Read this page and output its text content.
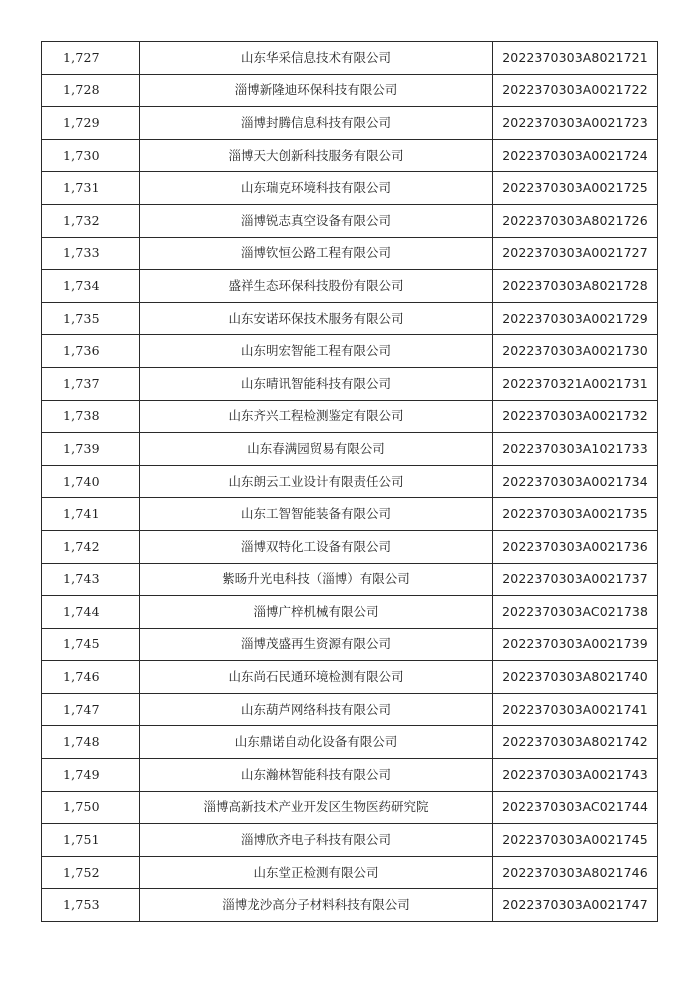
1,727	山东华采信息技术有限公司	2022370303A8021721
1,728	淄博新隆迪环保科技有限公司	2022370303A0021722
1,729	淄博封腾信息科技有限公司	2022370303A0021723
1,730	淄博天大创新科技服务有限公司	2022370303A0021724
1,731	山东瑞克环境科技有限公司	2022370303A0021725
1,732	淄博锐志真空设备有限公司	2022370303A8021726
1,733	淄博钦恒公路工程有限公司	2022370303A0021727
1,734	盛祥生态环保科技股份有限公司	2022370303A8021728
1,735	山东安诺环保技术服务有限公司	2022370303A0021729
1,736	山东明宏智能工程有限公司	2022370303A0021730
1,737	山东晴讯智能科技有限公司	2022370321A0021731
1,738	山东齐兴工程检测鉴定有限公司	2022370303A0021732
1,739	山东春满园贸易有限公司	2022370303A1021733
1,740	山东朗云工业设计有限责任公司	2022370303A0021734
1,741	山东工智智能装备有限公司	2022370303A0021735
1,742	淄博双特化工设备有限公司	2022370303A0021736
1,743	紫旸升光电科技（淄博）有限公司	2022370303A0021737
1,744	淄博广梓机械有限公司	2022370303AC021738
1,745	淄博茂盛再生资源有限公司	2022370303A0021739
1,746	山东尚石民通环境检测有限公司	2022370303A8021740
1,747	山东葫芦网络科技有限公司	2022370303A0021741
1,748	山东鼎诺自动化设备有限公司	2022370303A8021742
1,749	山东瀚林智能科技有限公司	2022370303A0021743
1,750	淄博高新技术产业开发区生物医药研究院	2022370303AC021744
1,751	淄博欣齐电子科技有限公司	2022370303A0021745
1,752	山东堂正检测有限公司	2022370303A8021746
1,753	淄博龙沙高分子材料科技有限公司	2022370303A0021747
